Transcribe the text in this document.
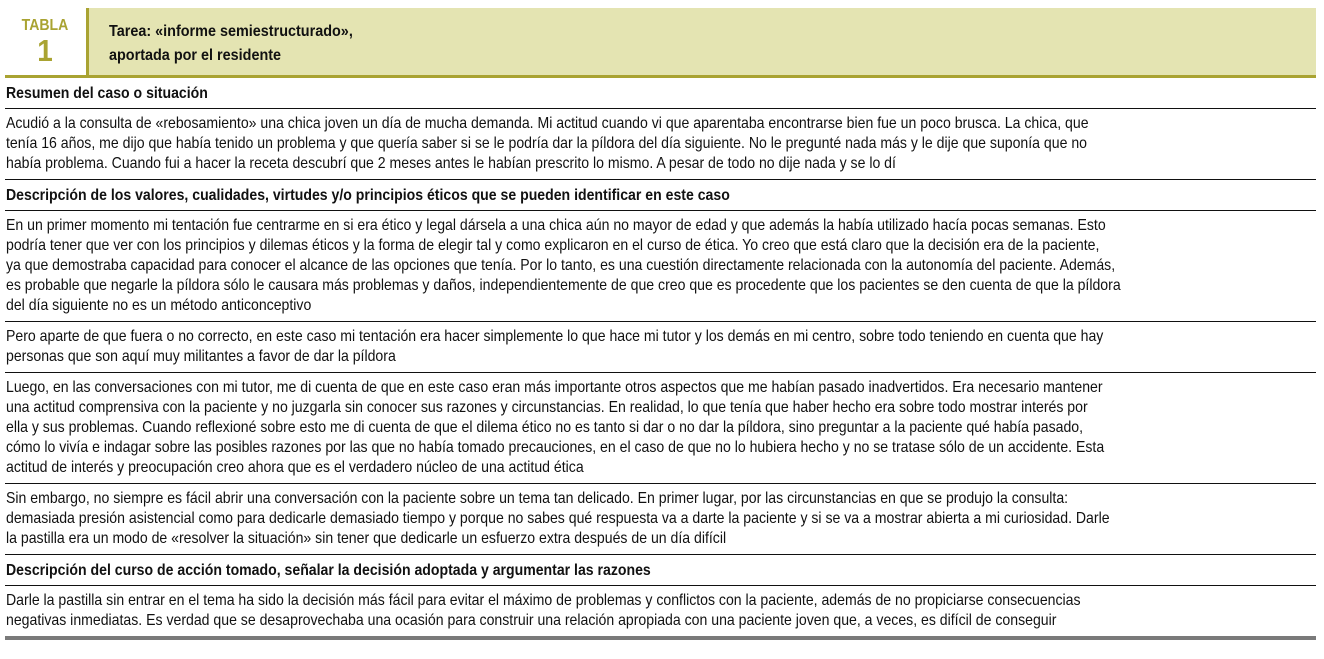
TABLA
1
Tarea: «informe semiestructurado»,
aportada por el residente
Resumen del caso o situación
Acudió a la consulta de «rebosamiento» una chica joven un día de mucha demanda. Mi actitud cuando vi que aparentaba encontrarse bien fue un poco brusca. La chica, que
tenía 16 años, me dijo que había tenido un problema y que quería saber si se le podría dar la píldora del día siguiente. No le pregunté nada más y le dije que suponía que no
había problema. Cuando fui a hacer la receta descubrí que 2 meses antes le habían prescrito lo mismo. A pesar de todo no dije nada y se lo dí
Descripción de los valores, cualidades, virtudes y/o principios éticos que se pueden identificar en este caso
En un primer momento mi tentación fue centrarme en si era ético y legal dársela a una chica aún no mayor de edad y que además la había utilizado hacía pocas semanas. Esto
podría tener que ver con los principios y dilemas éticos y la forma de elegir tal y como explicaron en el curso de ética. Yo creo que está claro que la decisión era de la paciente,
ya que demostraba capacidad para conocer el alcance de las opciones que tenía. Por lo tanto, es una cuestión directamente relacionada con la autonomía del paciente. Además,
es probable que negarle la píldora sólo le causara más problemas y daños, independientemente de que creo que es procedente que los pacientes se den cuenta de que la píldora
del día siguiente no es un método anticonceptivo
Pero aparte de que fuera o no correcto, en este caso mi tentación era hacer simplemente lo que hace mi tutor y los demás en mi centro, sobre todo teniendo en cuenta que hay
personas que son aquí muy militantes a favor de dar la píldora
Luego, en las conversaciones con mi tutor, me di cuenta de que en este caso eran más importante otros aspectos que me habían pasado inadvertidos. Era necesario mantener
una actitud comprensiva con la paciente y no juzgarla sin conocer sus razones y circunstancias. En realidad, lo que tenía que haber hecho era sobre todo mostrar interés por
ella y sus problemas. Cuando reflexioné sobre esto me di cuenta de que el dilema ético no es tanto si dar o no dar la píldora, sino preguntar a la paciente qué había pasado,
cómo lo vivía e indagar sobre las posibles razones por las que no había tomado precauciones, en el caso de que no lo hubiera hecho y no se tratase sólo de un accidente. Esta
actitud de interés y preocupación creo ahora que es el verdadero núcleo de una actitud ética
Sin embargo, no siempre es fácil abrir una conversación con la paciente sobre un tema tan delicado. En primer lugar, por las circunstancias en que se produjo la consulta:
demasiada presión asistencial como para dedicarle demasiado tiempo y porque no sabes qué respuesta va a darte la paciente y si se va a mostrar abierta a mi curiosidad. Darle
la pastilla era un modo de «resolver la situación» sin tener que dedicarle un esfuerzo extra después de un día difícil
Descripción del curso de acción tomado, señalar la decisión adoptada y argumentar las razones
Darle la pastilla sin entrar en el tema ha sido la decisión más fácil para evitar el máximo de problemas y conflictos con la paciente, además de no propiciarse consecuencias
negativas inmediatas. Es verdad que se desaprovechaba una ocasión para construir una relación apropiada con una paciente joven que, a veces, es difícil de conseguir
